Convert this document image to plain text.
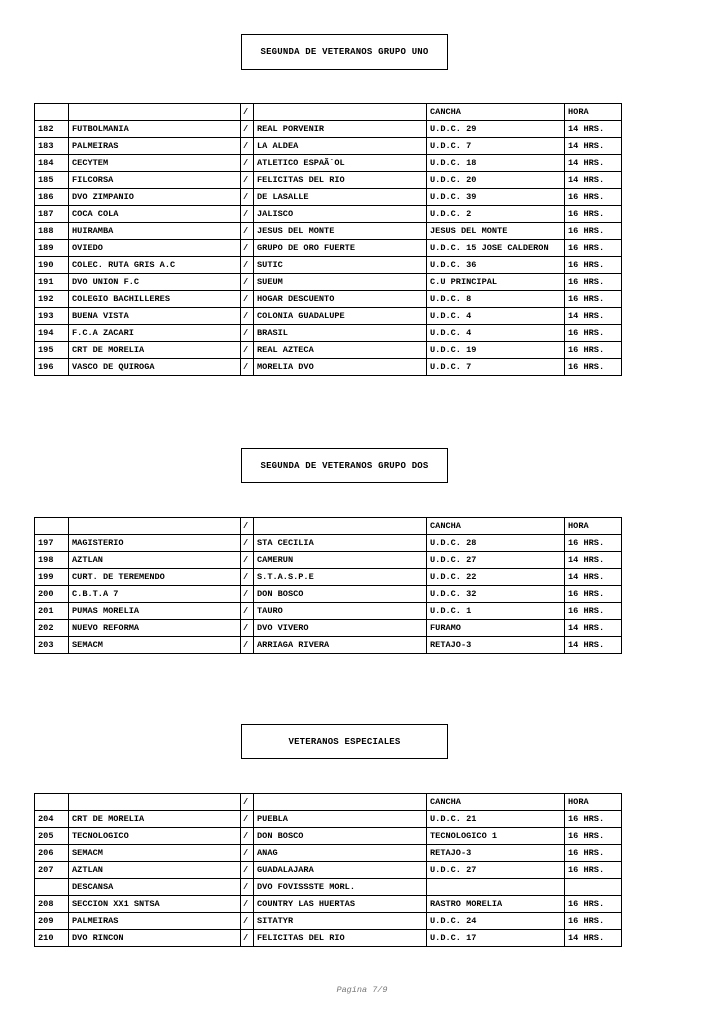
SEGUNDA DE VETERANOS GRUPO UNO
		/		CANCHA	HORA
182	FUTBOLMANIA	/	REAL PORVENIR	U.D.C. 29	14 HRS.
183	PALMEIRAS	/	LA ALDEA	U.D.C. 7	14 HRS.
184	CECYTEM	/	ATLETICO ESPAÃ`OL	U.D.C. 18	14 HRS.
185	FILCORSA	/	FELICITAS DEL RIO	U.D.C. 20	14 HRS.
186	DVO ZIMPANIO	/	DE LASALLE	U.D.C. 39	16 HRS.
187	COCA COLA	/	JALISCO	U.D.C. 2	16 HRS.
188	HUIRAMBA	/	JESUS DEL MONTE	JESUS DEL MONTE	16 HRS.
189	OVIEDO	/	GRUPO DE ORO FUERTE	U.D.C. 15 JOSE CALDERON	16 HRS.
190	COLEC. RUTA GRIS A.C	/	SUTIC	U.D.C. 36	16 HRS.
191	DVO UNION F.C	/	SUEUM	C.U PRINCIPAL	16 HRS.
192	COLEGIO BACHILLERES	/	HOGAR DESCUENTO	U.D.C. 8	16 HRS.
193	BUENA VISTA	/	COLONIA GUADALUPE	U.D.C. 4	14 HRS.
194	F.C.A ZACARI	/	BRASIL	U.D.C. 4	16 HRS.
195	CRT DE MORELIA	/	REAL AZTECA	U.D.C. 19	16 HRS.
196	VASCO DE QUIROGA	/	MORELIA DVO	U.D.C. 7	16 HRS.
SEGUNDA DE VETERANOS GRUPO DOS
		/		CANCHA	HORA
197	MAGISTERIO	/	STA CECILIA	U.D.C. 28	16 HRS.
198	AZTLAN	/	CAMERUN	U.D.C. 27	14 HRS.
199	CURT. DE TEREMENDO	/	S.T.A.S.P.E	U.D.C. 22	14 HRS.
200	C.B.T.A 7	/	DON BOSCO	U.D.C. 32	16 HRS.
201	PUMAS MORELIA	/	TAURO	U.D.C. 1	16 HRS.
202	NUEVO REFORMA	/	DVO VIVERO	FURAMO	14 HRS.
203	SEMACM	/	ARRIAGA RIVERA	RETAJO-3	14 HRS.
VETERANOS ESPECIALES
		/		CANCHA	HORA
204	CRT DE MORELIA	/	PUEBLA	U.D.C. 21	16 HRS.
205	TECNOLOGICO	/	DON BOSCO	TECNOLOGICO 1	16 HRS.
206	SEMACM	/	ANAG	RETAJO-3	16 HRS.
207	AZTLAN	/	GUADALAJARA	U.D.C. 27	16 HRS.
	DESCANSA	/	DVO FOVISSSTE MORL.		
208	SECCION XX1 SNTSA	/	COUNTRY LAS HUERTAS	RASTRO MORELIA	16 HRS.
209	PALMEIRAS	/	SITATYR	U.D.C. 24	16 HRS.
210	DVO RINCON	/	FELICITAS DEL RIO	U.D.C. 17	14 HRS.
Pagina 7/9
